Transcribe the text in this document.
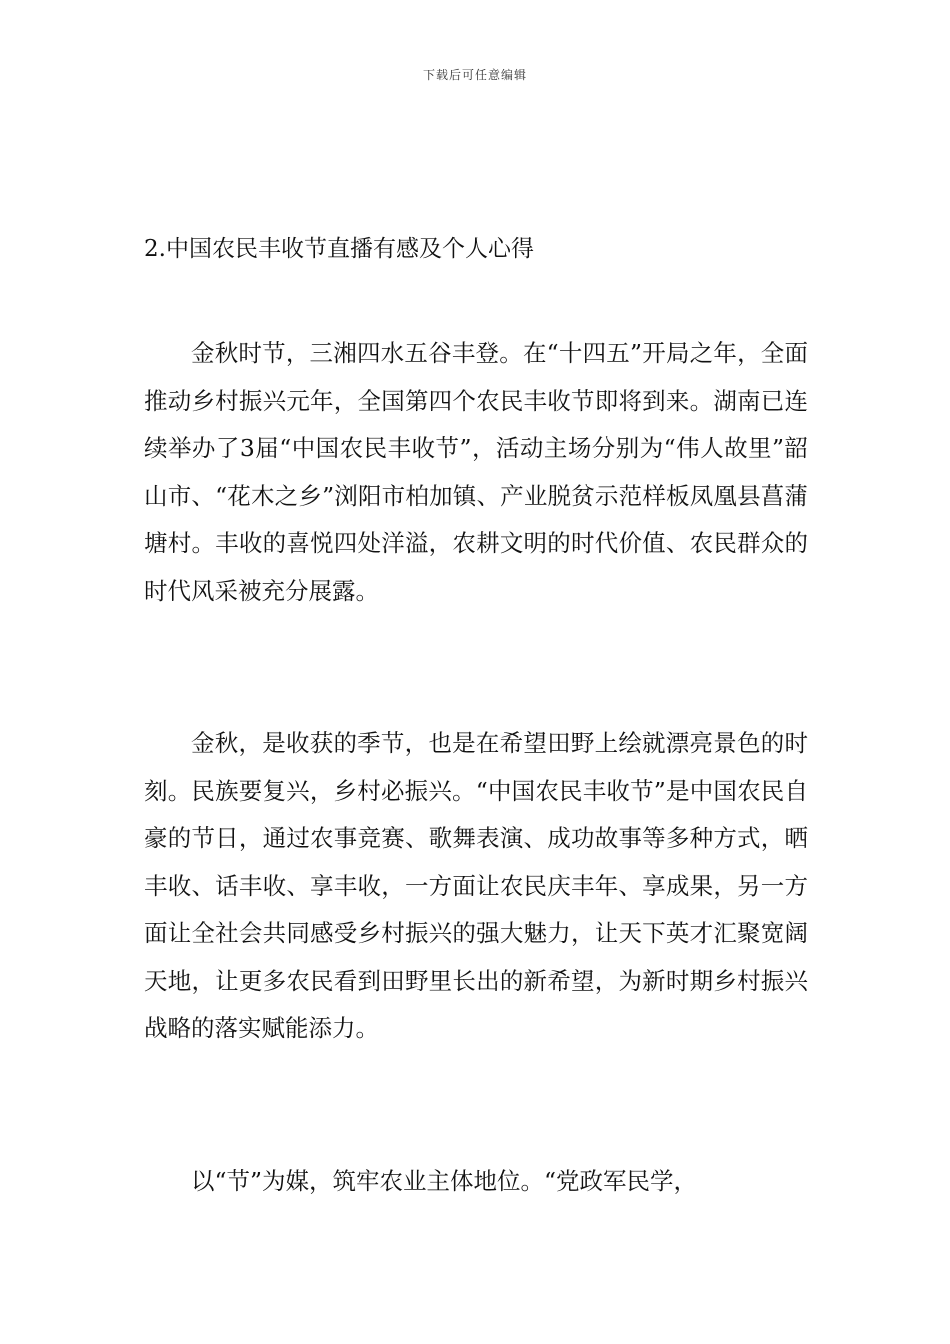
下载后可任意编辑
2.中国农民丰收节直播有感及个人心得

金秋时节，三湘四水五谷丰登。在“十四五”开局之年，全面推动乡村振兴元年，全国第四个农民丰收节即将到来。湖南已连续举办了3届“中国农民丰收节”，活动主场分别为“伟人故里”韶山市、“花木之乡”浏阳市柏加镇、产业脱贫示范样板凤凰县菖蒲塘村。丰收的喜悦四处洋溢，农耕文明的时代价值、农民群众的时代风采被充分展露。

金秋，是收获的季节，也是在希望田野上绘就漂亮景色的时刻。民族要复兴，乡村必振兴。“中国农民丰收节”是中国农民自豪的节日，通过农事竞赛、歌舞表演、成功故事等多种方式，晒丰收、话丰收、享丰收，一方面让农民庆丰年、享成果，另一方面让全社会共同感受乡村振兴的强大魅力，让天下英才汇聚宽阔天地，让更多农民看到田野里长出的新希望，为新时期乡村振兴战略的落实赋能添力。

以“节”为媒，筑牢农业主体地位。“党政军民学，
